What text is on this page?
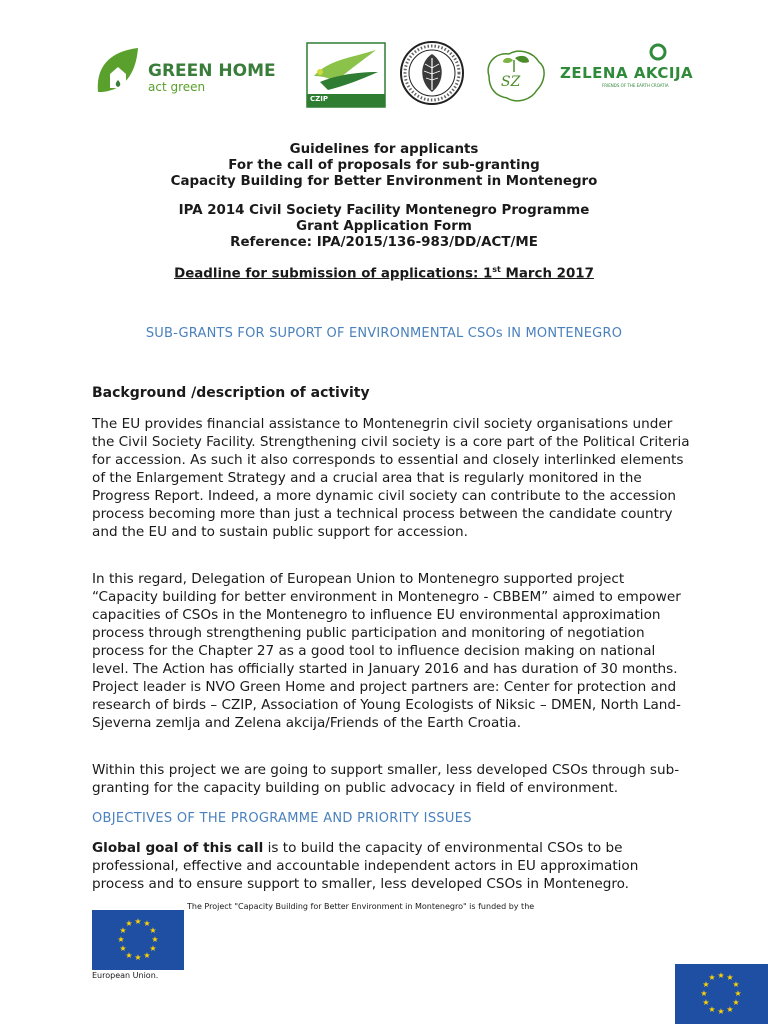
GREEN HOME
act green
CZIP
SZ	ZELENA AKCIJA
FRIENDS OF THE EARTH CROATIA

Guidelines for applicants

For the call of proposals for sub-granting

Capacity Building for Better Environment in Montenegro

IPA 2014 Civil Society Facility Montenegro Programme

Grant Application Form

Reference: IPA/2015/136-983/DD/ACT/ME

Deadline for submission of applications: 1st March 2017
SUB-GRANTS FOR SUPORT OF ENVIRONMENTAL CSOs IN MONTENEGRO
Background /description of activity

The EU provides financial assistance to Montenegrin civil society organisations under the Civil Society Facility. Strengthening civil society is a core part of the Political Criteria for accession. As such it also corresponds to essential and closely interlinked elements of the Enlargement Strategy and a crucial area that is regularly monitored in the Progress Report. Indeed, a more dynamic civil society can contribute to the accession process becoming more than just a technical process between the candidate country and the EU and to sustain public support for accession.

In this regard, Delegation of European Union to Montenegro supported project “Capacity building for better environment in Montenegro - CBBEM” aimed to empower capacities of CSOs in the Montenegro to influence EU environmental approximation process through strengthening public participation and monitoring of negotiation process for the Chapter 27 as a good tool to influence decision making on national level. The Action has officially started in January 2016 and has duration of 30 months. Project leader is NVO Green Home and project partners are: Center for protection and research of birds – CZIP, Association of Young Ecologists of Niksic – DMEN, North Land-Sjeverna zemlja and Zelena akcija/Friends of the Earth Croatia.

Within this project we are going to support smaller, less developed CSOs through sub-granting for the capacity building on public advocacy in field of environment.

OBJECTIVES OF THE PROGRAMME AND PRIORITY ISSUES

Global goal of this call is to build the capacity of environmental CSOs to be professional, effective and accountable independent actors in EU approximation process and to ensure support to smaller, less developed CSOs in Montenegro.

The Project "Capacity Building for Better Environment in Montenegro" is funded by the
★ ★
★
★
★
★
★
★
★
★
★
★
European Union.	★ ★
★
★
★
★
★
★
★
★
★
★
